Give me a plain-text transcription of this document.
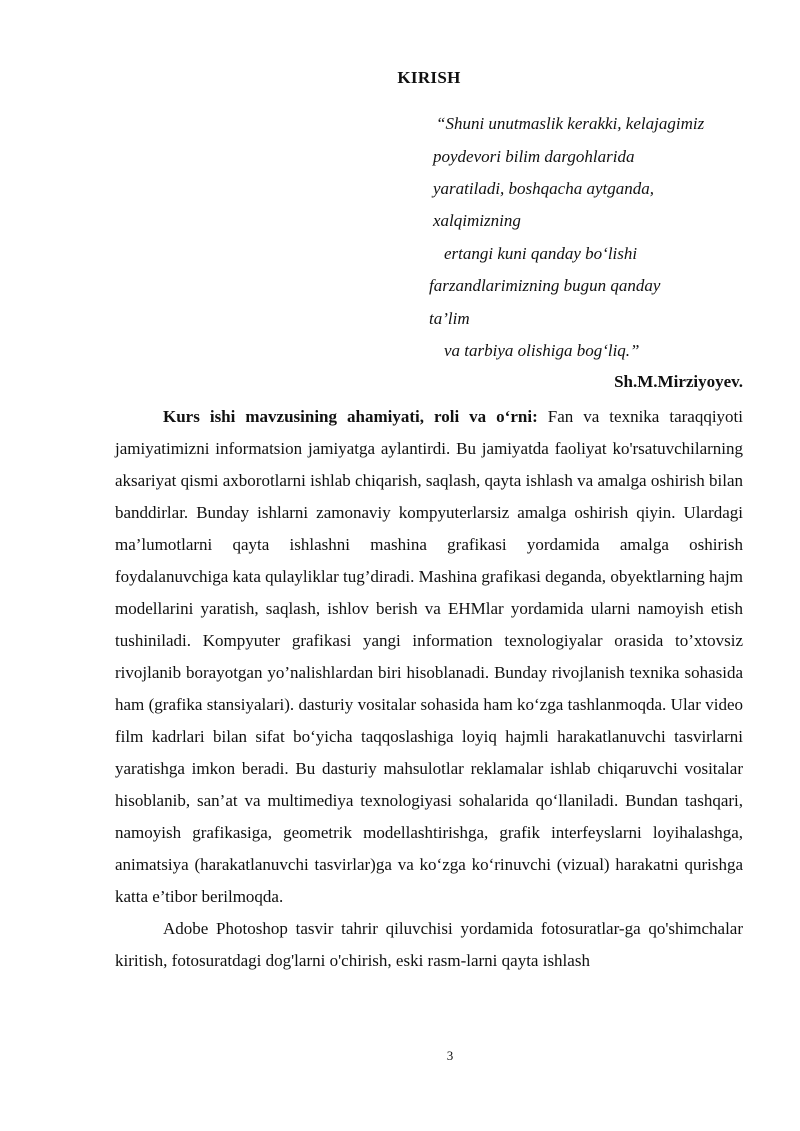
KIRISH
“Shuni unutmaslik kerakki, kelajagimiz
poydevori bilim dargohlarida
yaratiladi, boshqacha aytganda,
xalqimizning
ertangi kuni qanday bo‘lishi
farzandlarimizning bugun qanday
ta’lim
va tarbiya olishiga bog‘liq.”
Sh.M.Mirziyoyev.

Kurs ishi mavzusining ahamiyati, roli va o‘rni: Fan va texnika taraqqiyoti jamiyatimizni informatsion jamiyatga aylantirdi. Bu jamiyatda faoliyat ko'rsatuvchilarning aksariyat qismi axborotlarni ishlab chiqarish, saqlash, qayta ishlash va amalga oshirish bilan banddirlar. Bunday ishlarni zamonaviy kompyuterlarsiz amalga oshirish qiyin. Ulardagi ma’lumotlarni qayta ishlashni mashina grafikasi yordamida amalga oshirish foydalanuvchiga kata qulayliklar tug’diradi. Mashina grafikasi deganda, obyektlarning hajm modellarini yaratish, saqlash, ishlov berish va EHMlar yordamida ularni namoyish etish tushiniladi. Kompyuter grafikasi yangi information texnologiyalar orasida to’xtovsiz rivojlanib borayotgan yo’nalishlardan biri hisoblanadi. Bunday rivojlanish texnika sohasida ham (grafika stansiyalari). dasturiy vositalar sohasida ham ko‘zga tashlanmoqda. Ular video film kadrlari bilan sifat bo‘yicha taqqoslashiga loyiq hajmli harakatlanuvchi tasvirlarni yaratishga imkon beradi. Bu dasturiy mahsulotlar reklamalar ishlab chiqaruvchi vositalar hisoblanib, san’at va multimediya texnologiyasi sohalarida qo‘llaniladi. Bundan tashqari, namoyish grafikasiga, geometrik modellashtirishga, grafik interfeyslarni loyihalashga, animatsiya (harakatlanuvchi tasvirlar)ga va ko‘zga ko‘rinuvchi (vizual) harakatni qurishga katta e’tibor berilmoqda.

Adobe Photoshop tasvir tahrir qiluvchisi yordamida fotosuratlar-ga qo'shimchalar kiritish, fotosuratdagi dog'larni o'chirish, eski rasm-larni qayta ishlash

3
